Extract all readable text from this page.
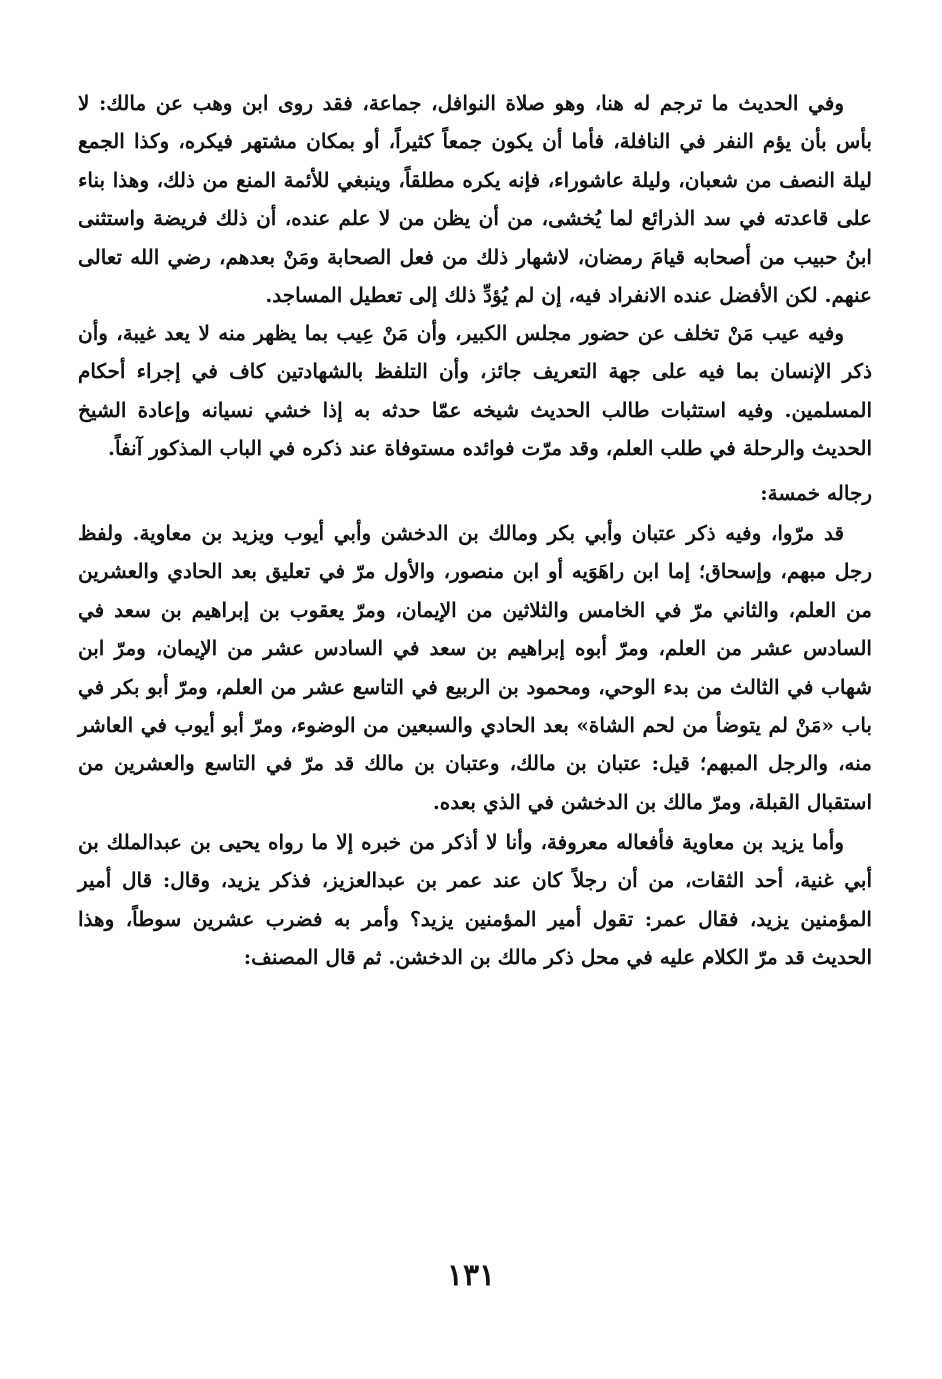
وفي الحديث ما ترجم له هنا، وهو صلاة النوافل، جماعة، فقد روى ابن وهب عن مالك: لا بأس بأن يؤم النفر في النافلة، فأما أن يكون جمعاً كثيراً، أو بمكان مشتهر فيكره، وكذا الجمع ليلة النصف من شعبان، وليلة عاشوراء، فإنه يكره مطلقاً، وينبغي للأئمة المنع من ذلك، وهذا بناء على قاعدته في سد الذرائع لما يُخشى، من أن يظن من لا علم عنده، أن ذلك فريضة واستثنى ابنُ حبيب من أصحابه قيامَ رمضان، لاشهار ذلك من فعل الصحابة ومَنْ بعدهم، رضي الله تعالى عنهم. لكن الأفضل عنده الانفراد فيه، إن لم يُؤدِّ ذلك إلى تعطيل المساجد.
وفيه عيب مَنْ تخلف عن حضور مجلس الكبير، وأن مَنْ عِيب بما يظهر منه لا يعد غيبة، وأن ذكر الإنسان بما فيه على جهة التعريف جائز، وأن التلفظ بالشهادتين كاف في إجراء أحكام المسلمين. وفيه استثبات طالب الحديث شيخه عمّا حدثه به إذا خشي نسيانه وإعادة الشيخ الحديث والرحلة في طلب العلم، وقد مرّت فوائده مستوفاة عند ذكره في الباب المذكور آنفاً.
رجاله خمسة:
قد مرّوا، وفيه ذكر عتبان وأبي بكر ومالك بن الدخشن وأبي أيوب ويزيد بن معاوية. ولفظ رجل مبهم، وإسحاق؛ إما ابن راهَوَيه أو ابن منصور، والأول مرّ في تعليق بعد الحادي والعشرين من العلم، والثاني مرّ في الخامس والثلاثين من الإيمان، ومرّ يعقوب بن إبراهيم بن سعد في السادس عشر من العلم، ومرّ أبوه إبراهيم بن سعد في السادس عشر من الإيمان، ومرّ ابن شهاب في الثالث من بدء الوحي، ومحمود بن الربيع في التاسع عشر من العلم، ومرّ أبو بكر في باب «مَنْ لم يتوضأ من لحم الشاة» بعد الحادي والسبعين من الوضوء، ومرّ أبو أيوب في العاشر منه، والرجل المبهم؛ قيل: عتبان بن مالك، وعتبان بن مالك قد مرّ في التاسع والعشرين من استقبال القبلة، ومرّ مالك بن الدخشن في الذي بعده.
وأما يزيد بن معاوية فأفعاله معروفة، وأنا لا أذكر من خبره إلا ما رواه يحيى بن عبدالملك بن أبي غنية، أحد الثقات، من أن رجلاً كان عند عمر بن عبدالعزيز، فذكر يزيد، وقال: قال أمير المؤمنين يزيد، فقال عمر: تقول أمير المؤمنين يزيد؟ وأمر به فضرب عشرين سوطاً، وهذا الحديث قد مرّ الكلام عليه في محل ذكر مالك بن الدخشن. ثم قال المصنف:
١٣١
